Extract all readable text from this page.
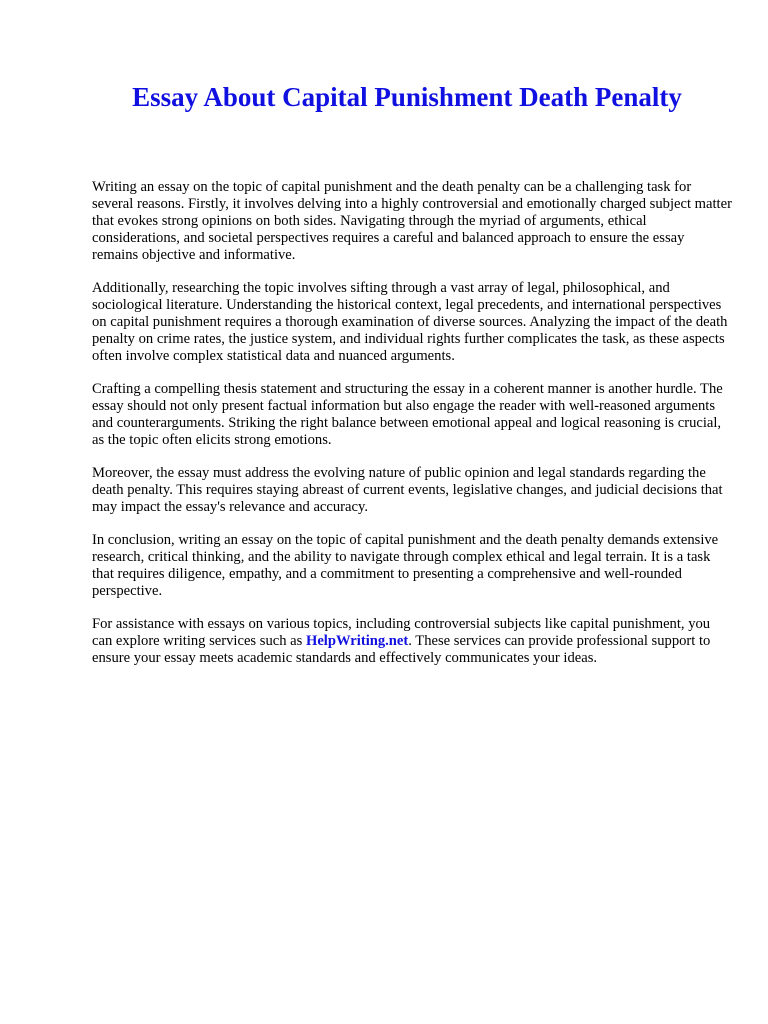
Essay About Capital Punishment Death Penalty

Writing an essay on the topic of capital punishment and the death penalty can be a challenging task for several reasons. Firstly, it involves delving into a highly controversial and emotionally charged subject matter that evokes strong opinions on both sides. Navigating through the myriad of arguments, ethical considerations, and societal perspectives requires a careful and balanced approach to ensure the essay remains objective and informative.

Additionally, researching the topic involves sifting through a vast array of legal, philosophical, and sociological literature. Understanding the historical context, legal precedents, and international perspectives on capital punishment requires a thorough examination of diverse sources. Analyzing the impact of the death penalty on crime rates, the justice system, and individual rights further complicates the task, as these aspects often involve complex statistical data and nuanced arguments.

Crafting a compelling thesis statement and structuring the essay in a coherent manner is another hurdle. The essay should not only present factual information but also engage the reader with well-reasoned arguments and counterarguments. Striking the right balance between emotional appeal and logical reasoning is crucial, as the topic often elicits strong emotions.

Moreover, the essay must address the evolving nature of public opinion and legal standards regarding the death penalty. This requires staying abreast of current events, legislative changes, and judicial decisions that may impact the essay's relevance and accuracy.

In conclusion, writing an essay on the topic of capital punishment and the death penalty demands extensive research, critical thinking, and the ability to navigate through complex ethical and legal terrain. It is a task that requires diligence, empathy, and a commitment to presenting a comprehensive and well-rounded perspective.

For assistance with essays on various topics, including controversial subjects like capital punishment, you can explore writing services such as HelpWriting.net. These services can provide professional support to ensure your essay meets academic standards and effectively communicates your ideas.
